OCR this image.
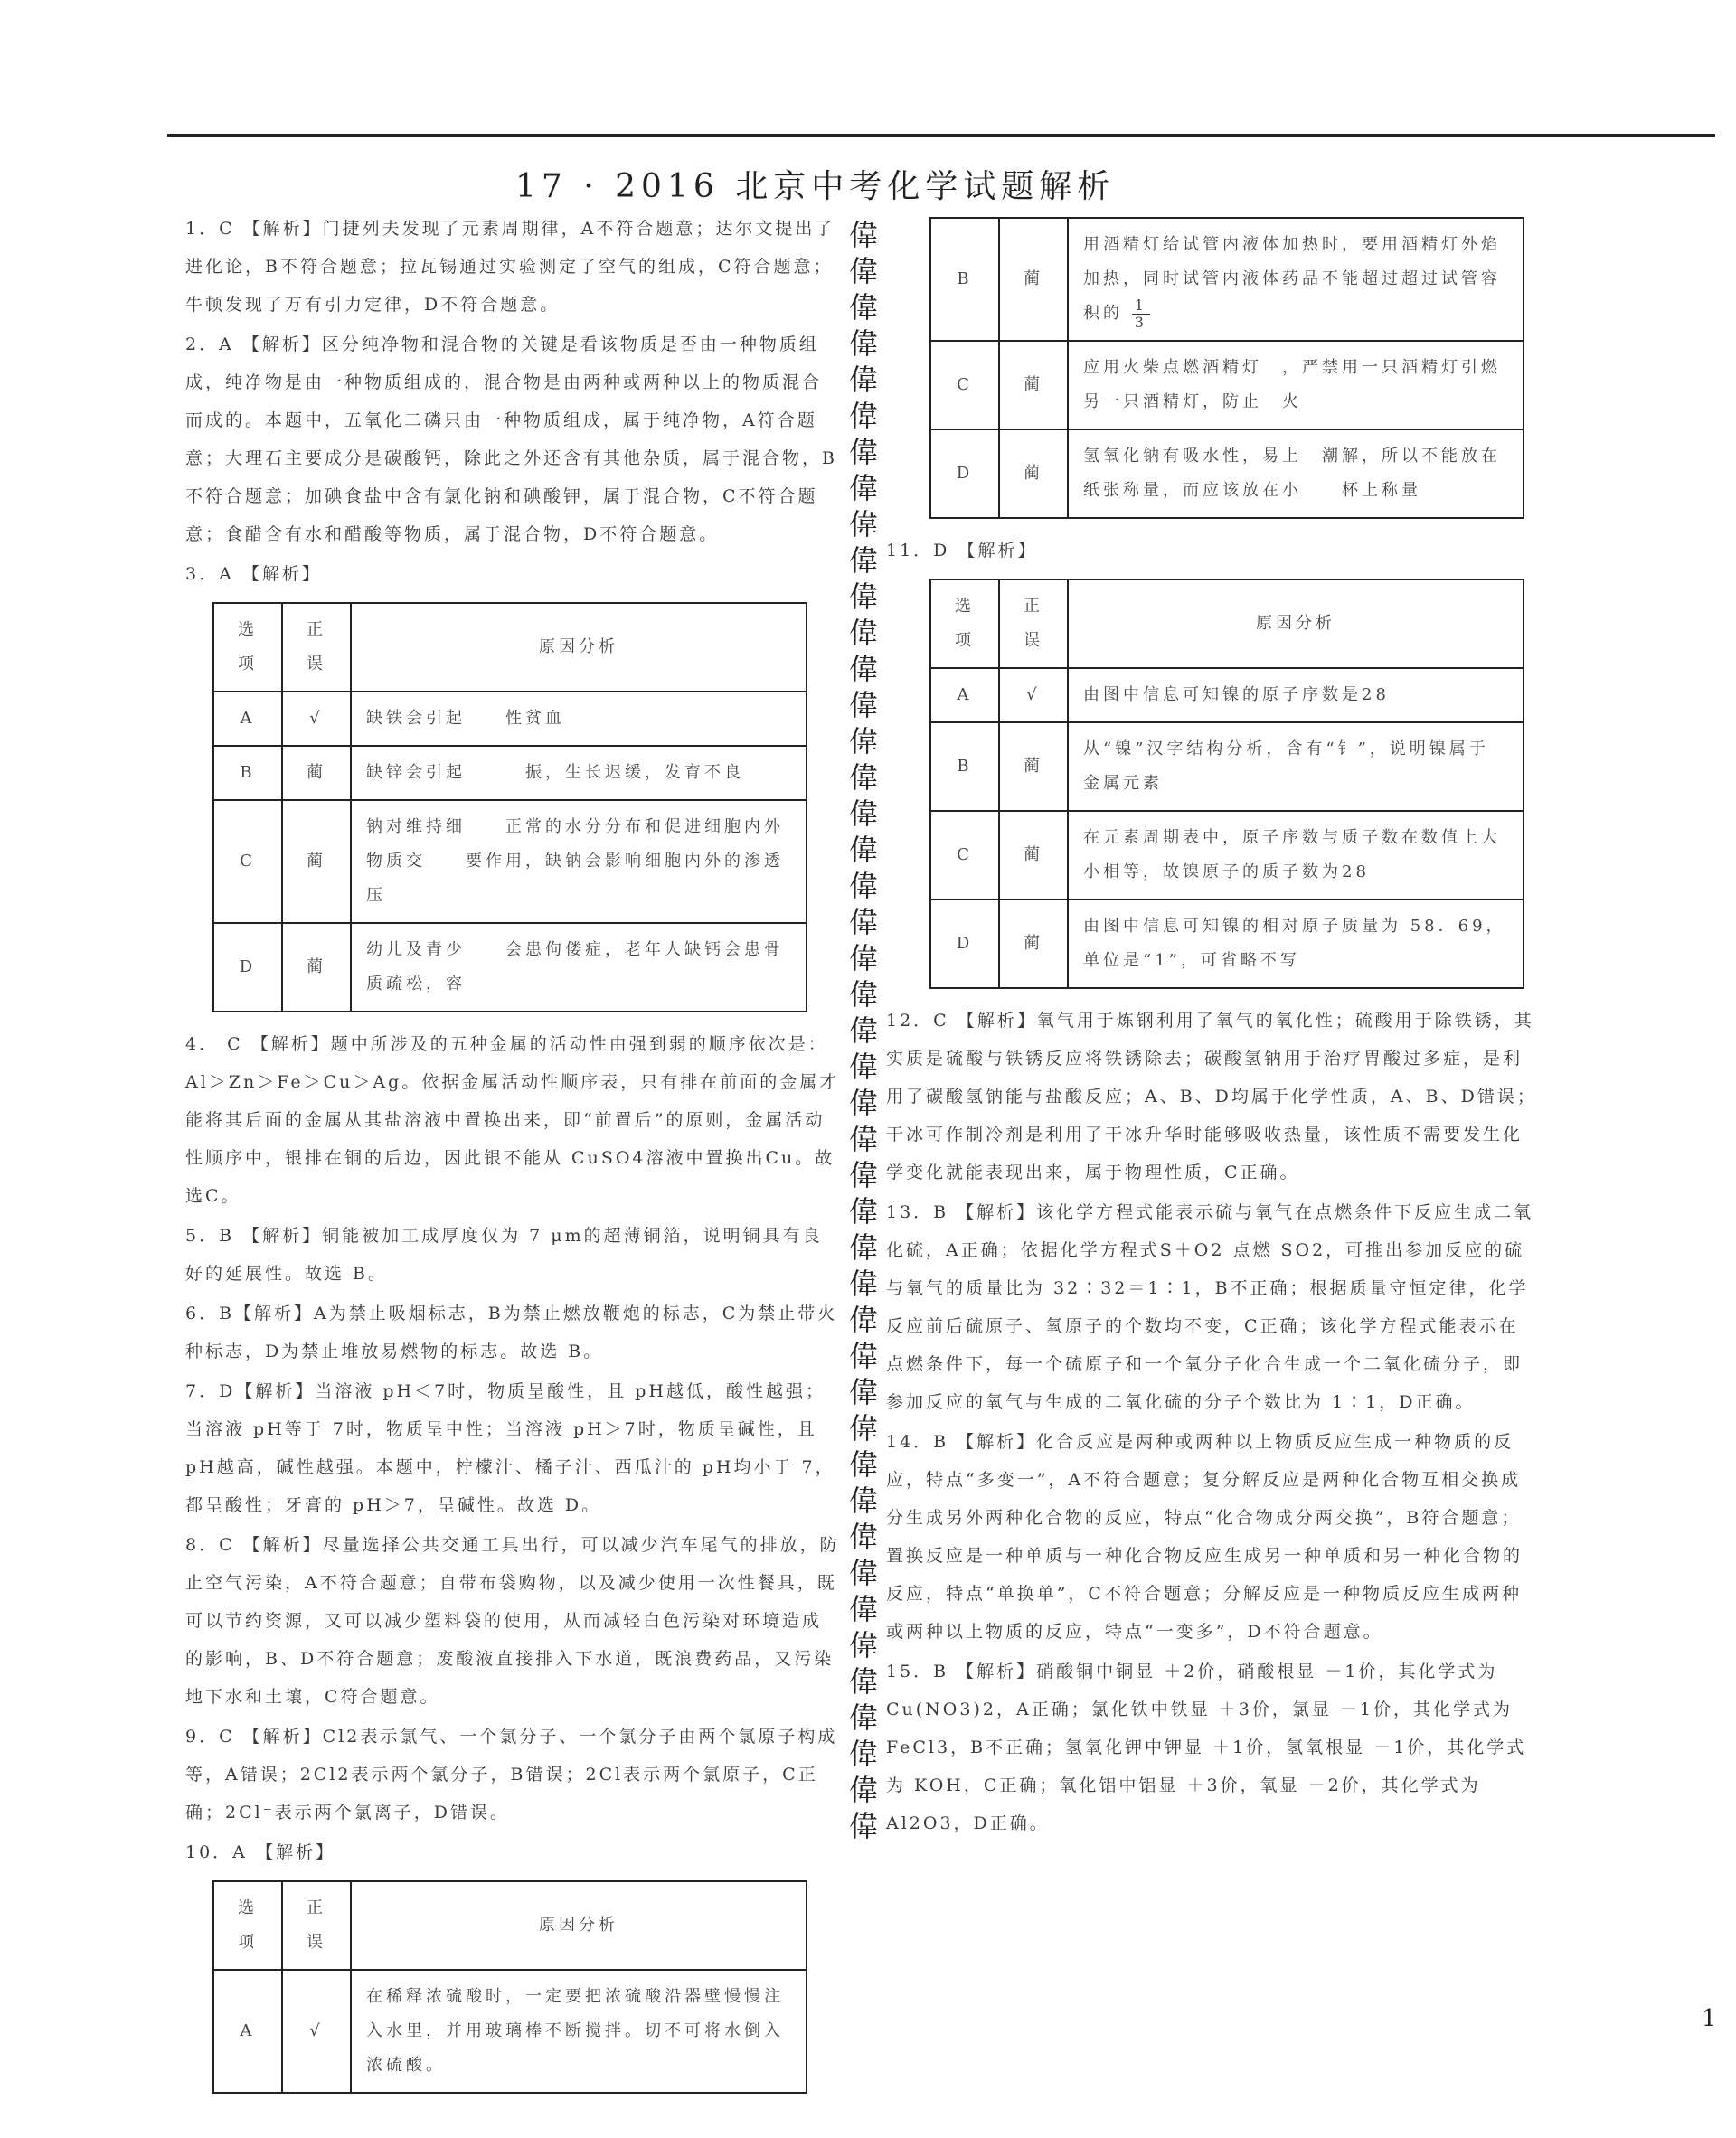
17 · 2016 北京中考化学试题解析
1．C 【解析】门捷列夫发现了元素周期律，A不符合题意；达尔文提出了进化论，B不符合题意；拉瓦锡通过实验测定了空气的组成，C符合题意；牛顿发现了万有引力定律，D不符合题意。
2．A 【解析】区分纯净物和混合物的关键是看该物质是否由一种物质组成，纯净物是由一种物质组成的，混合物是由两种或两种以上的物质混合而成的。本题中，五氧化二磷只由一种物质组成，属于纯净物，A符合题意；大理石主要成分是碳酸钙，除此之外还含有其他杂质，属于混合物，B不符合题意；加碘食盐中含有氯化钠和碘酸钾，属于混合物，C不符合题意；食醋含有水和醋酸等物质，属于混合物，D不符合题意。
3．A 【解析】
选项	正误	原因分析
A	√	缺铁会引起　　性贫血
B	蔺	缺锌会引起　　　振，生长迟缓，发育不良
C	蔺	钠对维持细　　正常的水分分布和促进细胞内外物质交　　要作用，缺钠会影响细胞内外的渗透压
D	蔺	幼儿及青少　　会患佝偻症，老年人缺钙会患骨质疏松，容
4． C 【解析】题中所涉及的五种金属的活动性由强到弱的顺序依次是：Al＞Zn＞Fe＞Cu＞Ag。依据金属活动性顺序表，只有排在前面的金属才能将其后面的金属从其盐溶液中置换出来，即“前置后”的原则，金属活动性顺序中，银排在铜的后边，因此银不能从 CuSO4溶液中置换出Cu。故选C。
5．B 【解析】铜能被加工成厚度仅为 7 μm的超薄铜箔，说明铜具有良好的延展性。故选 B。
6．B【解析】A为禁止吸烟标志，B为禁止燃放鞭炮的标志，C为禁止带火种标志，D为禁止堆放易燃物的标志。故选 B。
7．D【解析】当溶液 pH＜7时，物质呈酸性，且 pH越低，酸性越强；当溶液 pH等于 7时，物质呈中性；当溶液 pH＞7时，物质呈碱性，且 pH越高，碱性越强。本题中，柠檬汁、橘子汁、西瓜汁的 pH均小于 7，都呈酸性；牙膏的 pH＞7，呈碱性。故选 D。
8．C 【解析】尽量选择公共交通工具出行，可以减少汽车尾气的排放，防止空气污染，A不符合题意；自带布袋购物，以及减少使用一次性餐具，既可以节约资源，又可以减少塑料袋的使用，从而减轻白色污染对环境造成的影响，B、D不符合题意；废酸液直接排入下水道，既浪费药品，又污染地下水和土壤，C符合题意。
9．C 【解析】Cl2表示氯气、一个氯分子、一个氯分子由两个氯原子构成等，A错误；2Cl2表示两个氯分子，B错误；2Cl表示两个氯原子，C正确；2Cl⁻表示两个氯离子，D错误。
10．A 【解析】
选项	正误	原因分析
A	√	在稀释浓硫酸时，一定要把浓硫酸沿器壁慢慢注入水里，并用玻璃棒不断搅拌。切不可将水倒入浓硫酸。
偉
偉
偉
偉
偉
偉
偉
偉
偉
偉
偉
偉
偉
偉
偉
偉
偉
偉
偉
偉
偉
偉
偉
偉
偉
偉
偉
偉
偉
偉
偉
偉
偉
偉
偉
偉
偉
偉
偉
偉
偉
偉
偉
偉
偉
B	蔺	用酒精灯给试管内液体加热时，要用酒精灯外焰加热，同时试管内液体药品不能超过超过试管容积的 $\frac{1}{3}$

C	蔺	应用火柴点燃酒精灯　，严禁用一只酒精灯引燃另一只酒精灯，防止　火
D	蔺	氢氧化钠有吸水性，易上　潮解，所以不能放在纸张称量，而应该放在小　　杯上称量
11．D 【解析】
选项	正误	原因分析
A	√	由图中信息可知镍的原子序数是28
B	蔺	从“镍”汉字结构分析，含有“钅”，说明镍属于金属元素
C	蔺	在元素周期表中，原子序数与质子数在数值上大小相等，故镍原子的质子数为28
D	蔺	由图中信息可知镍的相对原子质量为 58．69，单位是“1”，可省略不写
12．C 【解析】氧气用于炼钢利用了氧气的氧化性；硫酸用于除铁锈，其实质是硫酸与铁锈反应将铁锈除去；碳酸氢钠用于治疗胃酸过多症，是利用了碳酸氢钠能与盐酸反应；A、B、D均属于化学性质，A、B、D错误；干冰可作制冷剂是利用了干冰升华时能够吸收热量，该性质不需要发生化学变化就能表现出来，属于物理性质，C正确。
13．B 【解析】该化学方程式能表示硫与氧气在点燃条件下反应生成二氧化硫，A正确；依据化学方程式S＋O2 点燃 SO2，可推出参加反应的硫与氧气的质量比为 32∶32＝1∶1，B不正确；根据质量守恒定律，化学反应前后硫原子、氧原子的个数均不变，C正确；该化学方程式能表示在点燃条件下，每一个硫原子和一个氧分子化合生成一个二氧化硫分子，即参加反应的氧气与生成的二氧化硫的分子个数比为 1∶1，D正确。
14．B 【解析】化合反应是两种或两种以上物质反应生成一种物质的反应，特点“多变一”，A不符合题意；复分解反应是两种化合物互相交换成分生成另外两种化合物的反应，特点“化合物成分两交换”，B符合题意；置换反应是一种单质与一种化合物反应生成另一种单质和另一种化合物的反应，特点“单换单”，C不符合题意；分解反应是一种物质反应生成两种或两种以上物质的反应，特点“一变多”，D不符合题意。
15．B 【解析】硝酸铜中铜显 ＋2价，硝酸根显 －1价，其化学式为Cu(NO3)2，A正确；氯化铁中铁显 ＋3价，氯显 －1价，其化学式为 FeCl3，B不正确；氢氧化钾中钾显 ＋1价，氢氧根显 －1价，其化学式为 KOH，C正确；氧化铝中铝显 ＋3价，氧显 －2价，其化学式为 Al2O3，D正确。
1
